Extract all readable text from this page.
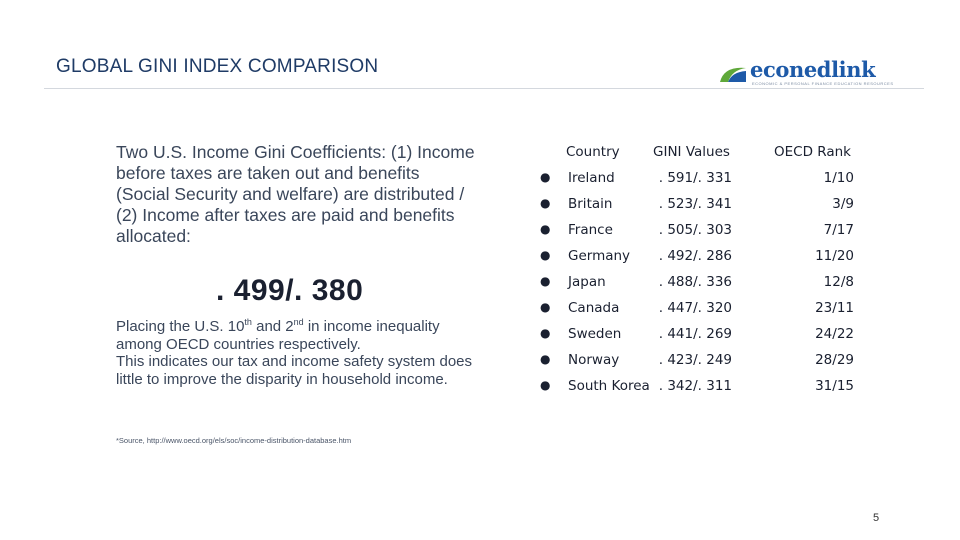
GLOBAL GINI INDEX COMPARISON	econedlink
ECONOMIC & PERSONAL FINANCE EDUCATION RESOURCES

Two U.S. Income Gini Coefficients: (1) Income before taxes are taken out and benefits (Social Security and welfare) are distributed / (2) Income after taxes are paid and benefits allocated:

. 499/. 380

Placing the U.S. 10th and 2nd in income inequality among OECD countries respectively.
This indicates our tax and income safety system does little to improve the disparity in household income.

*Source, http://www.oecd.org/els/soc/income-distribution-database.htm
Country GINI Values	OECD Rank
● Ireland	. 591/. 331	1/10
● Britain	. 523/. 341	3/9
● France	. 505/. 303	7/17
● Germany	. 492/. 286	11/20
● Japan	. 488/. 336	12/8
● Canada	. 447/. 320	23/11
● Sweden	. 441/. 269	24/22
● Norway	. 423/. 249	28/29
● South Korea . 342/. 311	31/15
5
